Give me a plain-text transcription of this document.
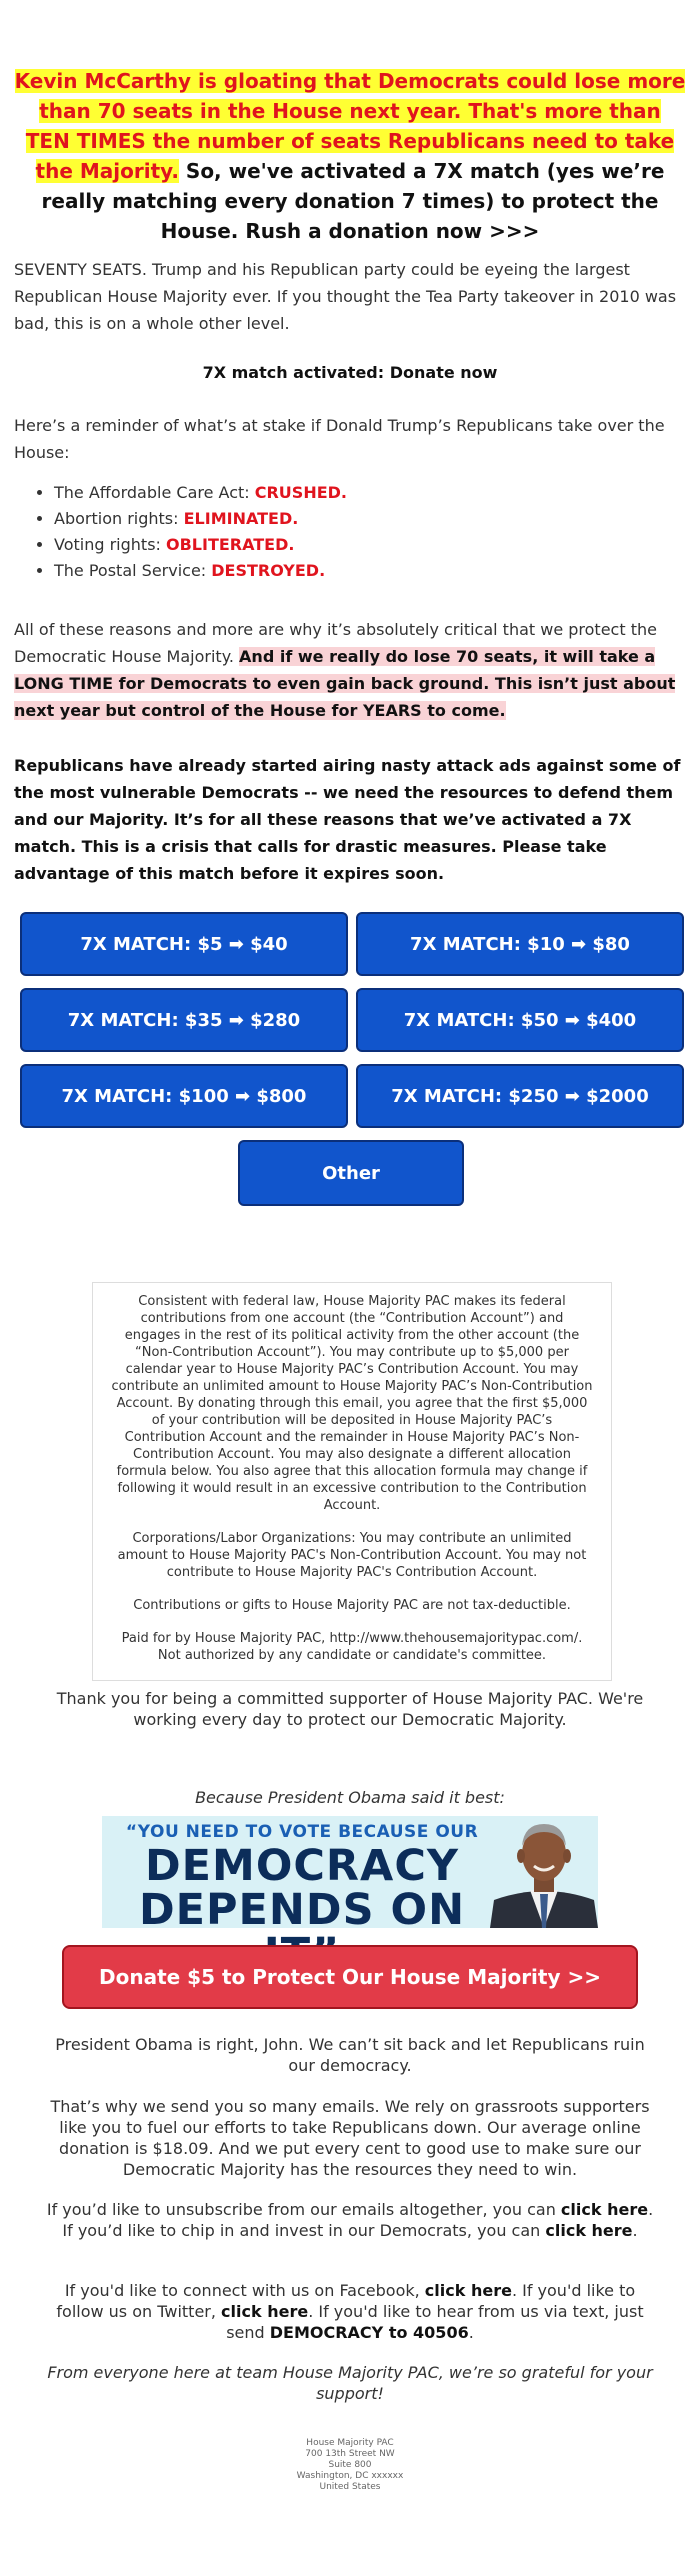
Kevin McCarthy is gloating that Democrats could lose more than 70 seats in the House next year. That's more than TEN TIMES the number of seats Republicans need to take the Majority. So, we've activated a 7X match (yes we’re really matching every donation 7 times) to protect the House. Rush a donation now >>>
SEVENTY SEATS. Trump and his Republican party could be eyeing the largest Republican House Majority ever. If you thought the Tea Party takeover in 2010 was bad, this is on a whole other level.
7X match activated: Donate now
Here’s a reminder of what’s at stake if Donald Trump’s Republicans take over the House:
• The Affordable Care Act: CRUSHED.
• Abortion rights: ELIMINATED.
• Voting rights: OBLITERATED.
• The Postal Service: DESTROYED.
All of these reasons and more are why it’s absolutely critical that we protect the Democratic House Majority. And if we really do lose 70 seats, it will take a LONG TIME for Democrats to even gain back ground. This isn’t just about next year but control of the House for YEARS to come.
Republicans have already started airing nasty attack ads against some of the most vulnerable Democrats -- we need the resources to defend them and our Majority. It’s for all these reasons that we’ve activated a 7X match. This is a crisis that calls for drastic measures. Please take advantage of this match before it expires soon.
7X MATCH: $5 ➡ $40	7X MATCH: $10 ➡ $80
7X MATCH: $35 ➡ $280	7X MATCH: $50 ➡ $400
7X MATCH: $100 ➡ $800	7X MATCH: $250 ➡ $2000
Other

Consistent with federal law, House Majority PAC makes its federal contributions from one account (the “Contribution Account”) and engages in the rest of its political activity from the other account (the “Non-Contribution Account”). You may contribute up to $5,000 per calendar year to House Majority PAC’s Contribution Account. You may contribute an unlimited amount to House Majority PAC’s Non-Contribution Account. By donating through this email, you agree that the first $5,000 of your contribution will be deposited in House Majority PAC’s Contribution Account and the remainder in House Majority PAC’s Non-Contribution Account. You may also designate a different allocation formula below. You also agree that this allocation formula may change if following it would result in an excessive contribution to the Contribution Account.

Corporations/Labor Organizations: You may contribute an unlimited amount to House Majority PAC's Non-Contribution Account. You may not contribute to House Majority PAC's Contribution Account.

Contributions or gifts to House Majority PAC are not tax-deductible.

Paid for by House Majority PAC, http://www.thehousemajoritypac.com/. Not authorized by any candidate or candidate's committee.

Thank you for being a committed supporter of House Majority PAC. We're working every day to protect our Democratic Majority.
Because President Obama said it best:
“YOU NEED TO VOTE BECAUSE OUR
DEMOCRACY
DEPENDS ON
Donate $5 to Protect Our House Majority >>
President Obama is right, John. We can’t sit back and let Republicans ruin our democracy.
That’s why we send you so many emails. We rely on grassroots supporters like you to fuel our efforts to take Republicans down. Our average online donation is $18.09. And we put every cent to good use to make sure our Democratic Majority has the resources they need to win.
If you’d like to unsubscribe from our emails altogether, you can click here. If you’d like to chip in and invest in our Democrats, you can click here.
If you'd like to connect with us on Facebook, click here. If you'd like to follow us on Twitter, click here. If you'd like to hear from us via text, just send DEMOCRACY to 40506.
From everyone here at team House Majority PAC, we’re so grateful for your support!
House Majority PAC
700 13th Street NW
Suite 800
Washington, DC xxxxxx
United States
